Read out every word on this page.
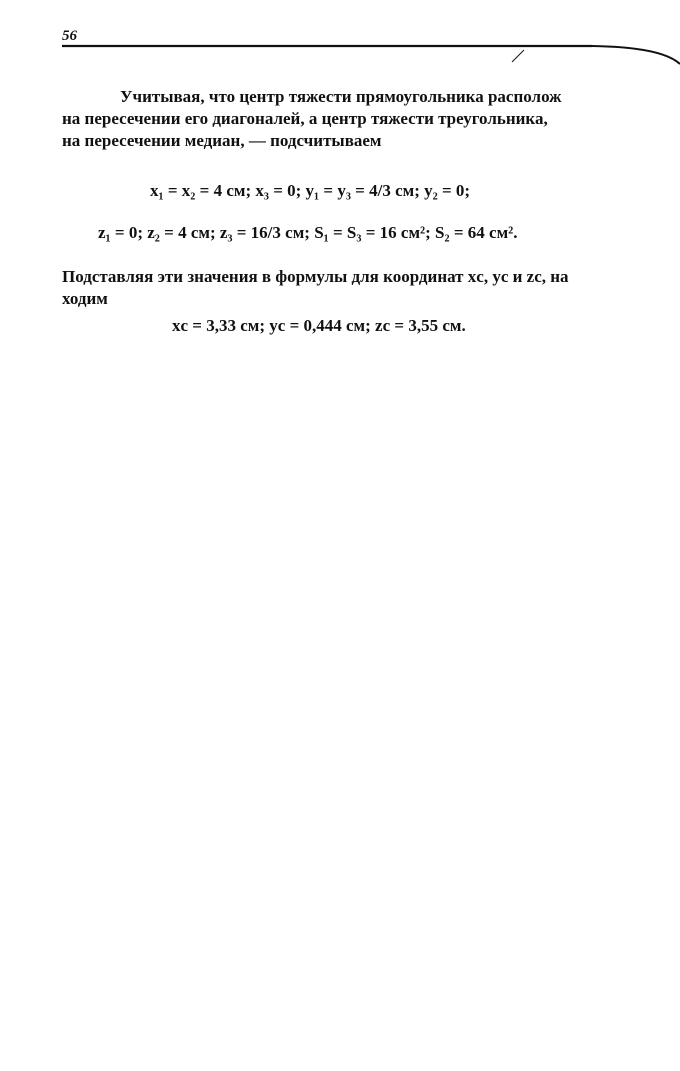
56
Учитывая, что центр тяжести прямоугольника располож
на пересечении его диагоналей, а центр тяжести треугольника,
на пересечении медиан, — подсчитываем
x₁ = x₂ = 4 см; x₃ = 0; y₁ = y₃ = 4/3 см; y₂ = 0;
z₁ = 0; z₂ = 4 см; z₃ = 16/3 см; S₁ = S₃ = 16 см²; S₂ = 64 см².
Подставляя эти значения в формулы для координат xc, yc и zc, на
ходим
xc = 3,33 см; yc = 0,444 см; zc = 3,55 см.
